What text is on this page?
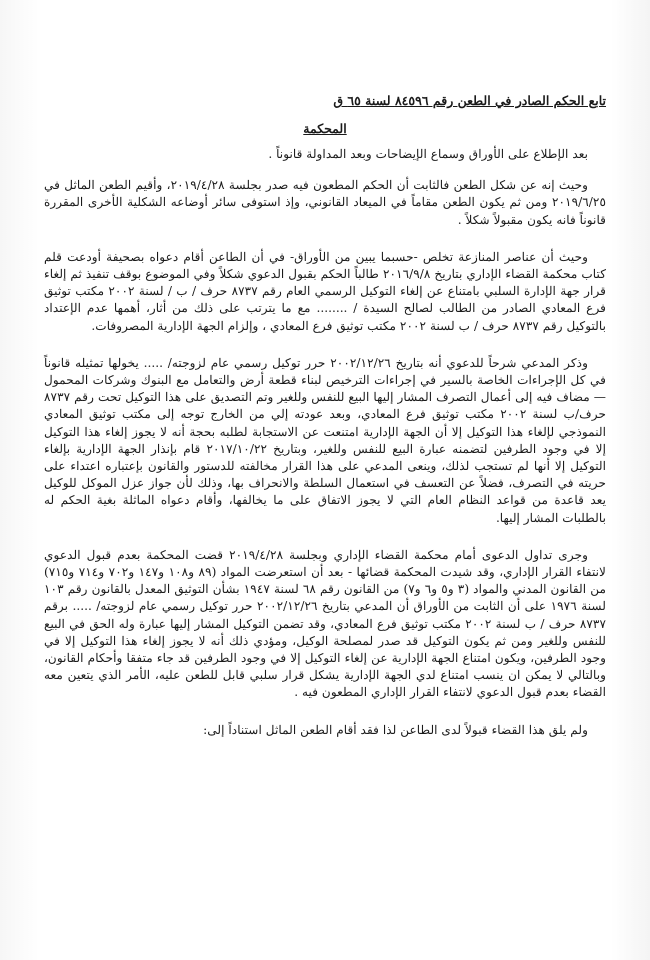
تابع الحكم الصادر في الطعن رقم ٨٤٥٩٦ لسنة ٦٥ ق
المحكمة

بعد الإطلاع على الأوراق وسماع الإيضاحات وبعد المداولة قانوناً .

وحيث إنه عن شكل الطعن فالثابت أن الحكم المطعون فيه صدر بجلسة ٢٠١٩/٤/٢٨، وأقيم الطعن الماثل في ٢٠١٩/٦/٢٥ ومن ثم يكون الطعن مقاماً في الميعاد القانوني، وإذ استوفى سائر أوضاعه الشكلية الأخرى المقررة قانوناً فانه يكون مقبولاً شكلاً .

وحيث أن عناصر المنازعة تخلص -حسبما يبين من الأوراق- في أن الطاعن أقام دعواه بصحيفة أودعت قلم كتاب محكمة القضاء الإداري بتاريخ ٢٠١٦/٩/٨ طالباً الحكم بقبول الدعوي شكلاً وفي الموضوع بوقف تنفيذ ثم إلغاء قرار جهة الإدارة السلبي بامتناع عن إلغاء التوكيل الرسمي العام رقم ٨٧٣٧ حرف / ب / لسنة ٢٠٠٢ مكتب توثيق فرع المعادي الصادر من الطالب لصالح السيدة / ........ مع ما يترتب على ذلك من أثار، أهمها عدم الإعتداد بالتوكيل رقم ٨٧٣٧ حرف / ب لسنة ٢٠٠٢ مكتب توثيق فرع المعادي ، وإلزام الجهة الإدارية المصروفات.

وذكر المدعي شرحاً للدعوي أنه بتاريخ ٢٠٠٢/١٢/٢٦ حرر توكيل رسمي عام لزوجته/ ..... يخولها تمثيله قانوناً في كل الإجراءات الخاصة بالسير في إجراءات الترخيص لبناء قطعة أرض والتعامل مع البنوك وشركات المحمول — مضاف فيه إلى أعمال التصرف المشار إليها البيع للنفس وللغير وتم التصديق على هذا التوكيل تحت رقم ٨٧٣٧ حرف/ب لسنة ٢٠٠٢ مكتب توثيق فرع المعادي، وبعد عودته إلي من الخارج توجه إلى مكتب توثيق المعادي النموذجي لإلغاء هذا التوكيل إلا أن الجهة الإدارية امتنعت عن الاستجابة لطلبه بحجة أنه لا يجوز إلغاء هذا التوكيل إلا في وجود الطرفين لتضمنه عبارة البيع للنفس وللغير، وبتاريخ ٢٠١٧/١٠/٢٢ قام بإنذار الجهة الإدارية بإلغاء التوكيل إلا أنها لم تستجب لذلك، وينعى المدعي على هذا القرار مخالفته للدستور والقانون بإعتباره اعتداء على حريته في التصرف، فضلاً عن التعسف في استعمال السلطة والانحراف بها، وذلك لأن جواز عزل الموكل للوكيل يعد قاعدة من قواعد النظام العام التي لا يجوز الاتفاق على ما يخالفها، وأقام دعواه الماثلة بغية الحكم له بالطلبات المشار إليها.

وجرى تداول الدعوى أمام محكمة القضاء الإداري وبجلسة ٢٠١٩/٤/٢٨ قضت المحكمة بعدم قبول الدعوي لانتفاء القرار الإداري، وقد شيدت المحكمة قضائها - بعد أن استعرضت المواد (٨٩ و١٠٨ و١٤٧ و٧٠٢ و٧١٤ و٧١٥) من القانون المدني والمواد (٣ و٥ و٦ و٧) من القانون رقم ٦٨ لسنة ١٩٤٧ بشأن التوثيق المعدل بالقانون رقم ١٠٣ لسنة ١٩٧٦ على أن الثابت من الأوراق أن المدعي بتاريخ ٢٠٠٢/١٢/٢٦ حرر توكيل رسمي عام لزوجته/ ..... برقم ٨٧٣٧ حرف / ب لسنة ٢٠٠٢ مكتب توثيق فرع المعادي، وقد تضمن التوكيل المشار إليها عبارة وله الحق في البيع للنفس وللغير ومن ثم يكون التوكيل قد صدر لمصلحة الوكيل، ومؤدي ذلك أنه لا يجوز إلغاء هذا التوكيل إلا في وجود الطرفين، ويكون امتناع الجهة الإدارية عن إلغاء التوكيل إلا في وجود الطرفين قد جاء متفقا وأحكام القانون، وبالتالي لا يمكن ان ينسب امتناع لدي الجهة الإدارية يشكل قرار سلبي قابل للطعن عليه، الأمر الذي يتعين معه القضاء بعدم قبول الدعوي لانتفاء القرار الإداري المطعون فيه .

ولم يلق هذا القضاء قبولاً لدى الطاعن لذا فقد أقام الطعن الماثل استناداً إلى:
